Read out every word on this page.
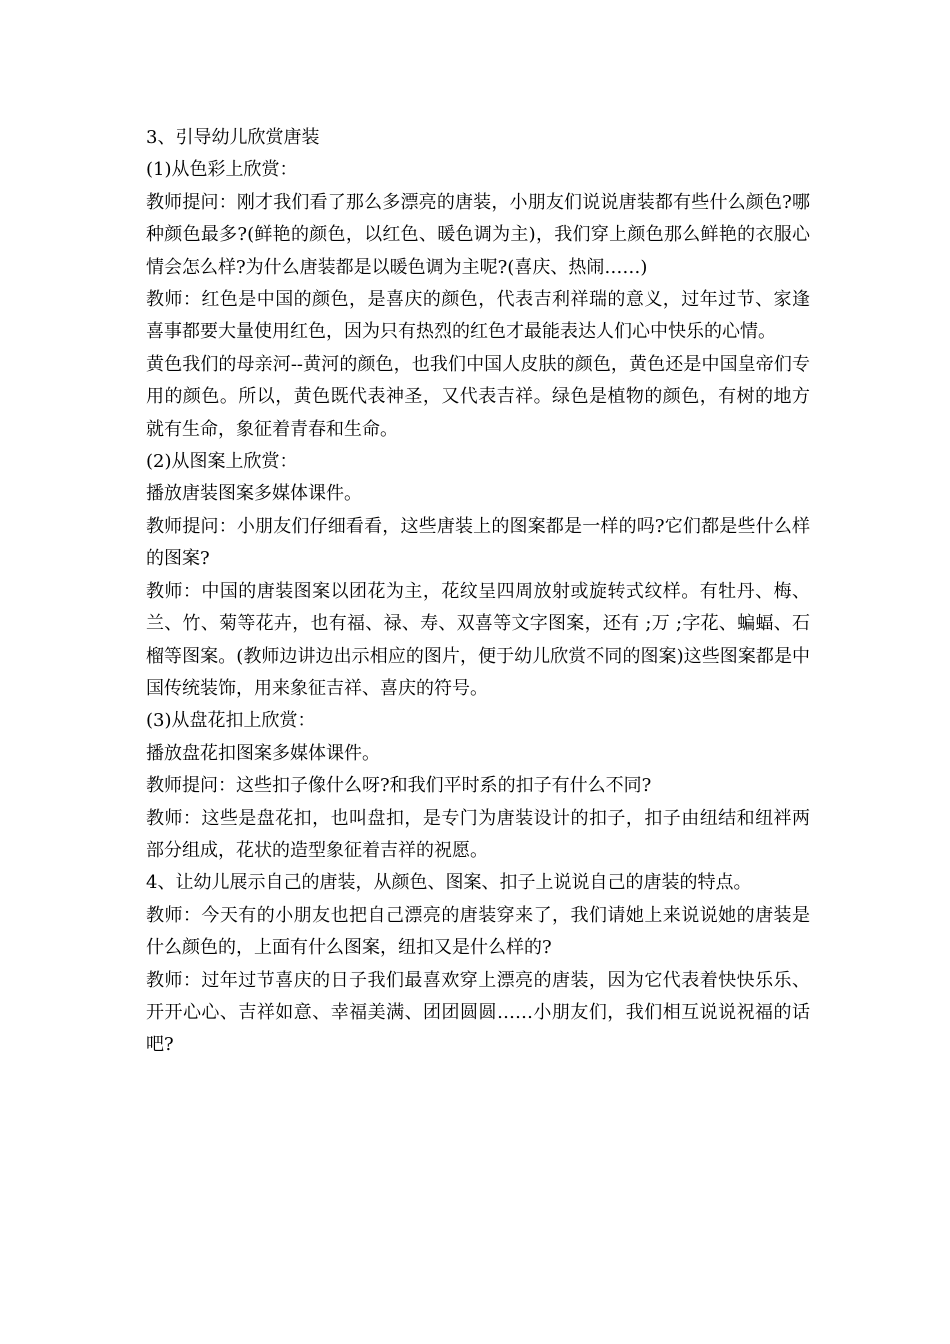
3、引导幼儿欣赏唐装

(1)从色彩上欣赏：

教师提问：刚才我们看了那么多漂亮的唐装，小朋友们说说唐装都有些什么颜色?哪种颜色最多?(鲜艳的颜色，以红色、暖色调为主)，我们穿上颜色那么鲜艳的衣服心情会怎么样?为什么唐装都是以暖色调为主呢?(喜庆、热闹……)

教师：红色是中国的颜色，是喜庆的颜色，代表吉利祥瑞的意义，过年过节、家逢喜事都要大量使用红色，因为只有热烈的红色才最能表达人们心中快乐的心情。

黄色我们的母亲河--黄河的颜色，也我们中国人皮肤的颜色，黄色还是中国皇帝们专用的颜色。所以，黄色既代表神圣，又代表吉祥。绿色是植物的颜色，有树的地方就有生命，象征着青春和生命。

(2)从图案上欣赏：

播放唐装图案多媒体课件。

教师提问：小朋友们仔细看看，这些唐装上的图案都是一样的吗?它们都是些什么样的图案?

教师：中国的唐装图案以团花为主，花纹呈四周放射或旋转式纹样。有牡丹、梅、兰、竹、菊等花卉，也有福、禄、寿、双喜等文字图案，还有 ;万 ;字花、蝙蝠、石榴等图案。(教师边讲边出示相应的图片，便于幼儿欣赏不同的图案)这些图案都是中国传统装饰，用来象征吉祥、喜庆的符号。

(3)从盘花扣上欣赏：

播放盘花扣图案多媒体课件。

教师提问：这些扣子像什么呀?和我们平时系的扣子有什么不同?

教师：这些是盘花扣，也叫盘扣，是专门为唐装设计的扣子，扣子由纽结和纽袢两部分组成，花状的造型象征着吉祥的祝愿。

4、让幼儿展示自己的唐装，从颜色、图案、扣子上说说自己的唐装的特点。

教师：今天有的小朋友也把自己漂亮的唐装穿来了，我们请她上来说说她的唐装是什么颜色的，上面有什么图案，纽扣又是什么样的?

教师：过年过节喜庆的日子我们最喜欢穿上漂亮的唐装，因为它代表着快快乐乐、开开心心、吉祥如意、幸福美满、团团圆圆……小朋友们，我们相互说说祝福的话吧?
